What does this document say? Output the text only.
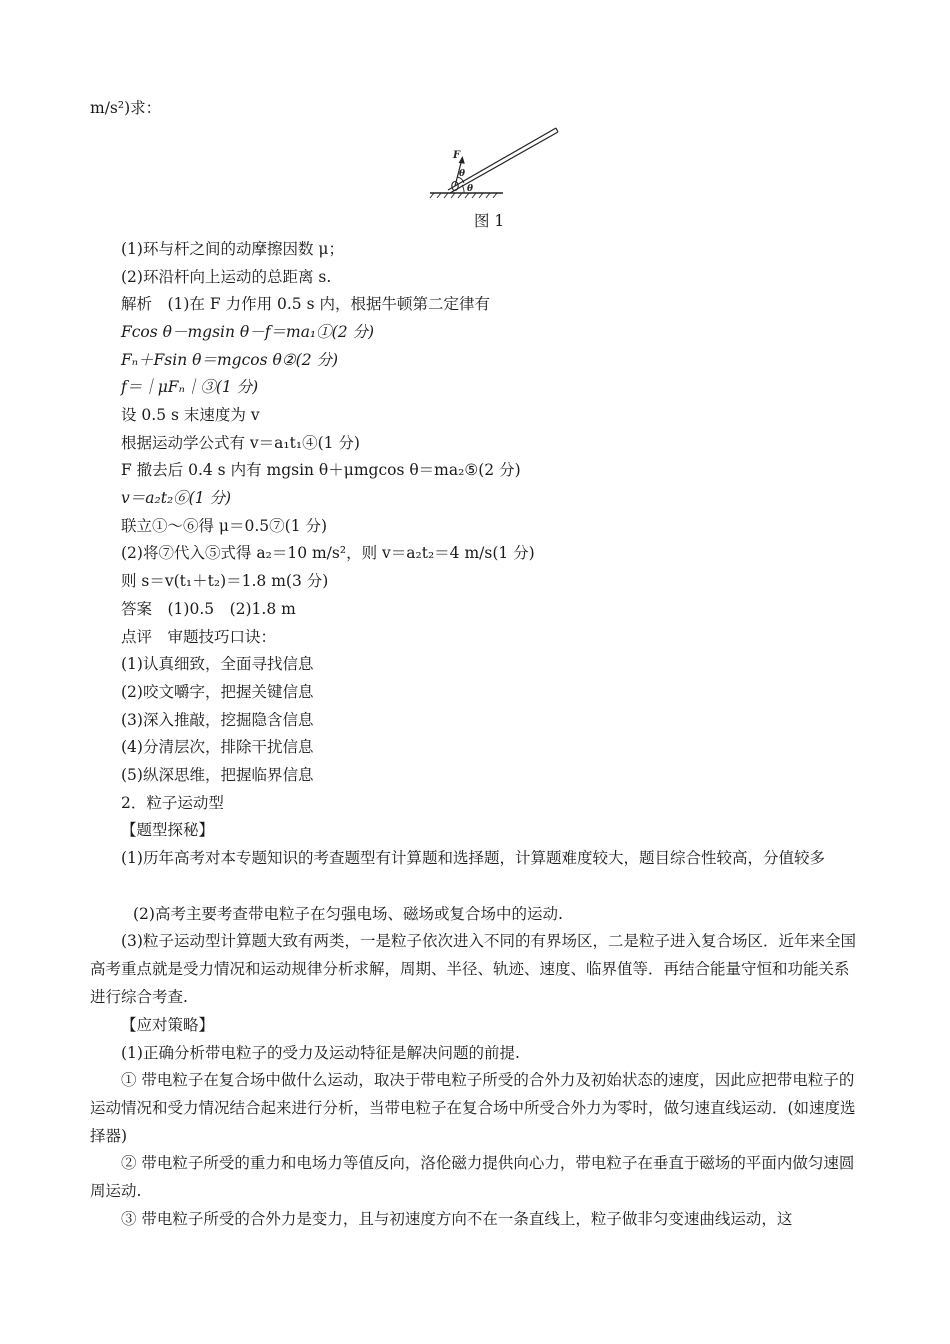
m/s²)求：
F
θ
θ
图 1
(1)环与杆之间的动摩擦因数 μ；
(2)环沿杆向上运动的总距离 s.
解析　(1)在 F 力作用 0.5 s 内，根据牛顿第二定律有
Fcos θ－mgsin θ－f＝ma₁①(2 分)
Fₙ＋Fsin θ＝mgcos θ②(2 分)
f＝｜μFₙ｜③(1 分)
设 0.5 s 末速度为 v
根据运动学公式有 v＝a₁t₁④(1 分)
F 撤去后 0.4 s 内有 mgsin θ＋μmgcos θ＝ma₂⑤(2 分)
v＝a₂t₂⑥(1 分)
联立①～⑥得 μ＝0.5⑦(1 分)
(2)将⑦代入⑤式得 a₂＝10 m/s²，则 v＝a₂t₂＝4 m/s(1 分)
则 s＝v(t₁＋t₂)＝1.8 m(3 分)
答案　(1)0.5　(2)1.8 m
点评　审题技巧口诀：
(1)认真细致，全面寻找信息
(2)咬文嚼字，把握关键信息
(3)深入推敲，挖掘隐含信息
(4)分清层次，排除干扰信息
(5)纵深思维，把握临界信息
2．粒子运动型
【题型探秘】
(1)历年高考对本专题知识的考查题型有计算题和选择题，计算题难度较大，题目综合性较高，分值较多
(2)高考主要考查带电粒子在匀强电场、磁场或复合场中的运动.
(3)粒子运动型计算题大致有两类，一是粒子依次进入不同的有界场区，二是粒子进入复合场区．近年来全国高考重点就是受力情况和运动规律分析求解，周期、半径、轨迹、速度、临界值等．再结合能量守恒和功能关系进行综合考查.
【应对策略】
(1)正确分析带电粒子的受力及运动特征是解决问题的前提.
① 带电粒子在复合场中做什么运动，取决于带电粒子所受的合外力及初始状态的速度，因此应把带电粒子的运动情况和受力情况结合起来进行分析，当带电粒子在复合场中所受合外力为零时，做匀速直线运动．(如速度选择器)
② 带电粒子所受的重力和电场力等值反向，洛伦磁力提供向心力，带电粒子在垂直于磁场的平面内做匀速圆周运动.
③ 带电粒子所受的合外力是变力，且与初速度方向不在一条直线上，粒子做非匀变速曲线运动，这
